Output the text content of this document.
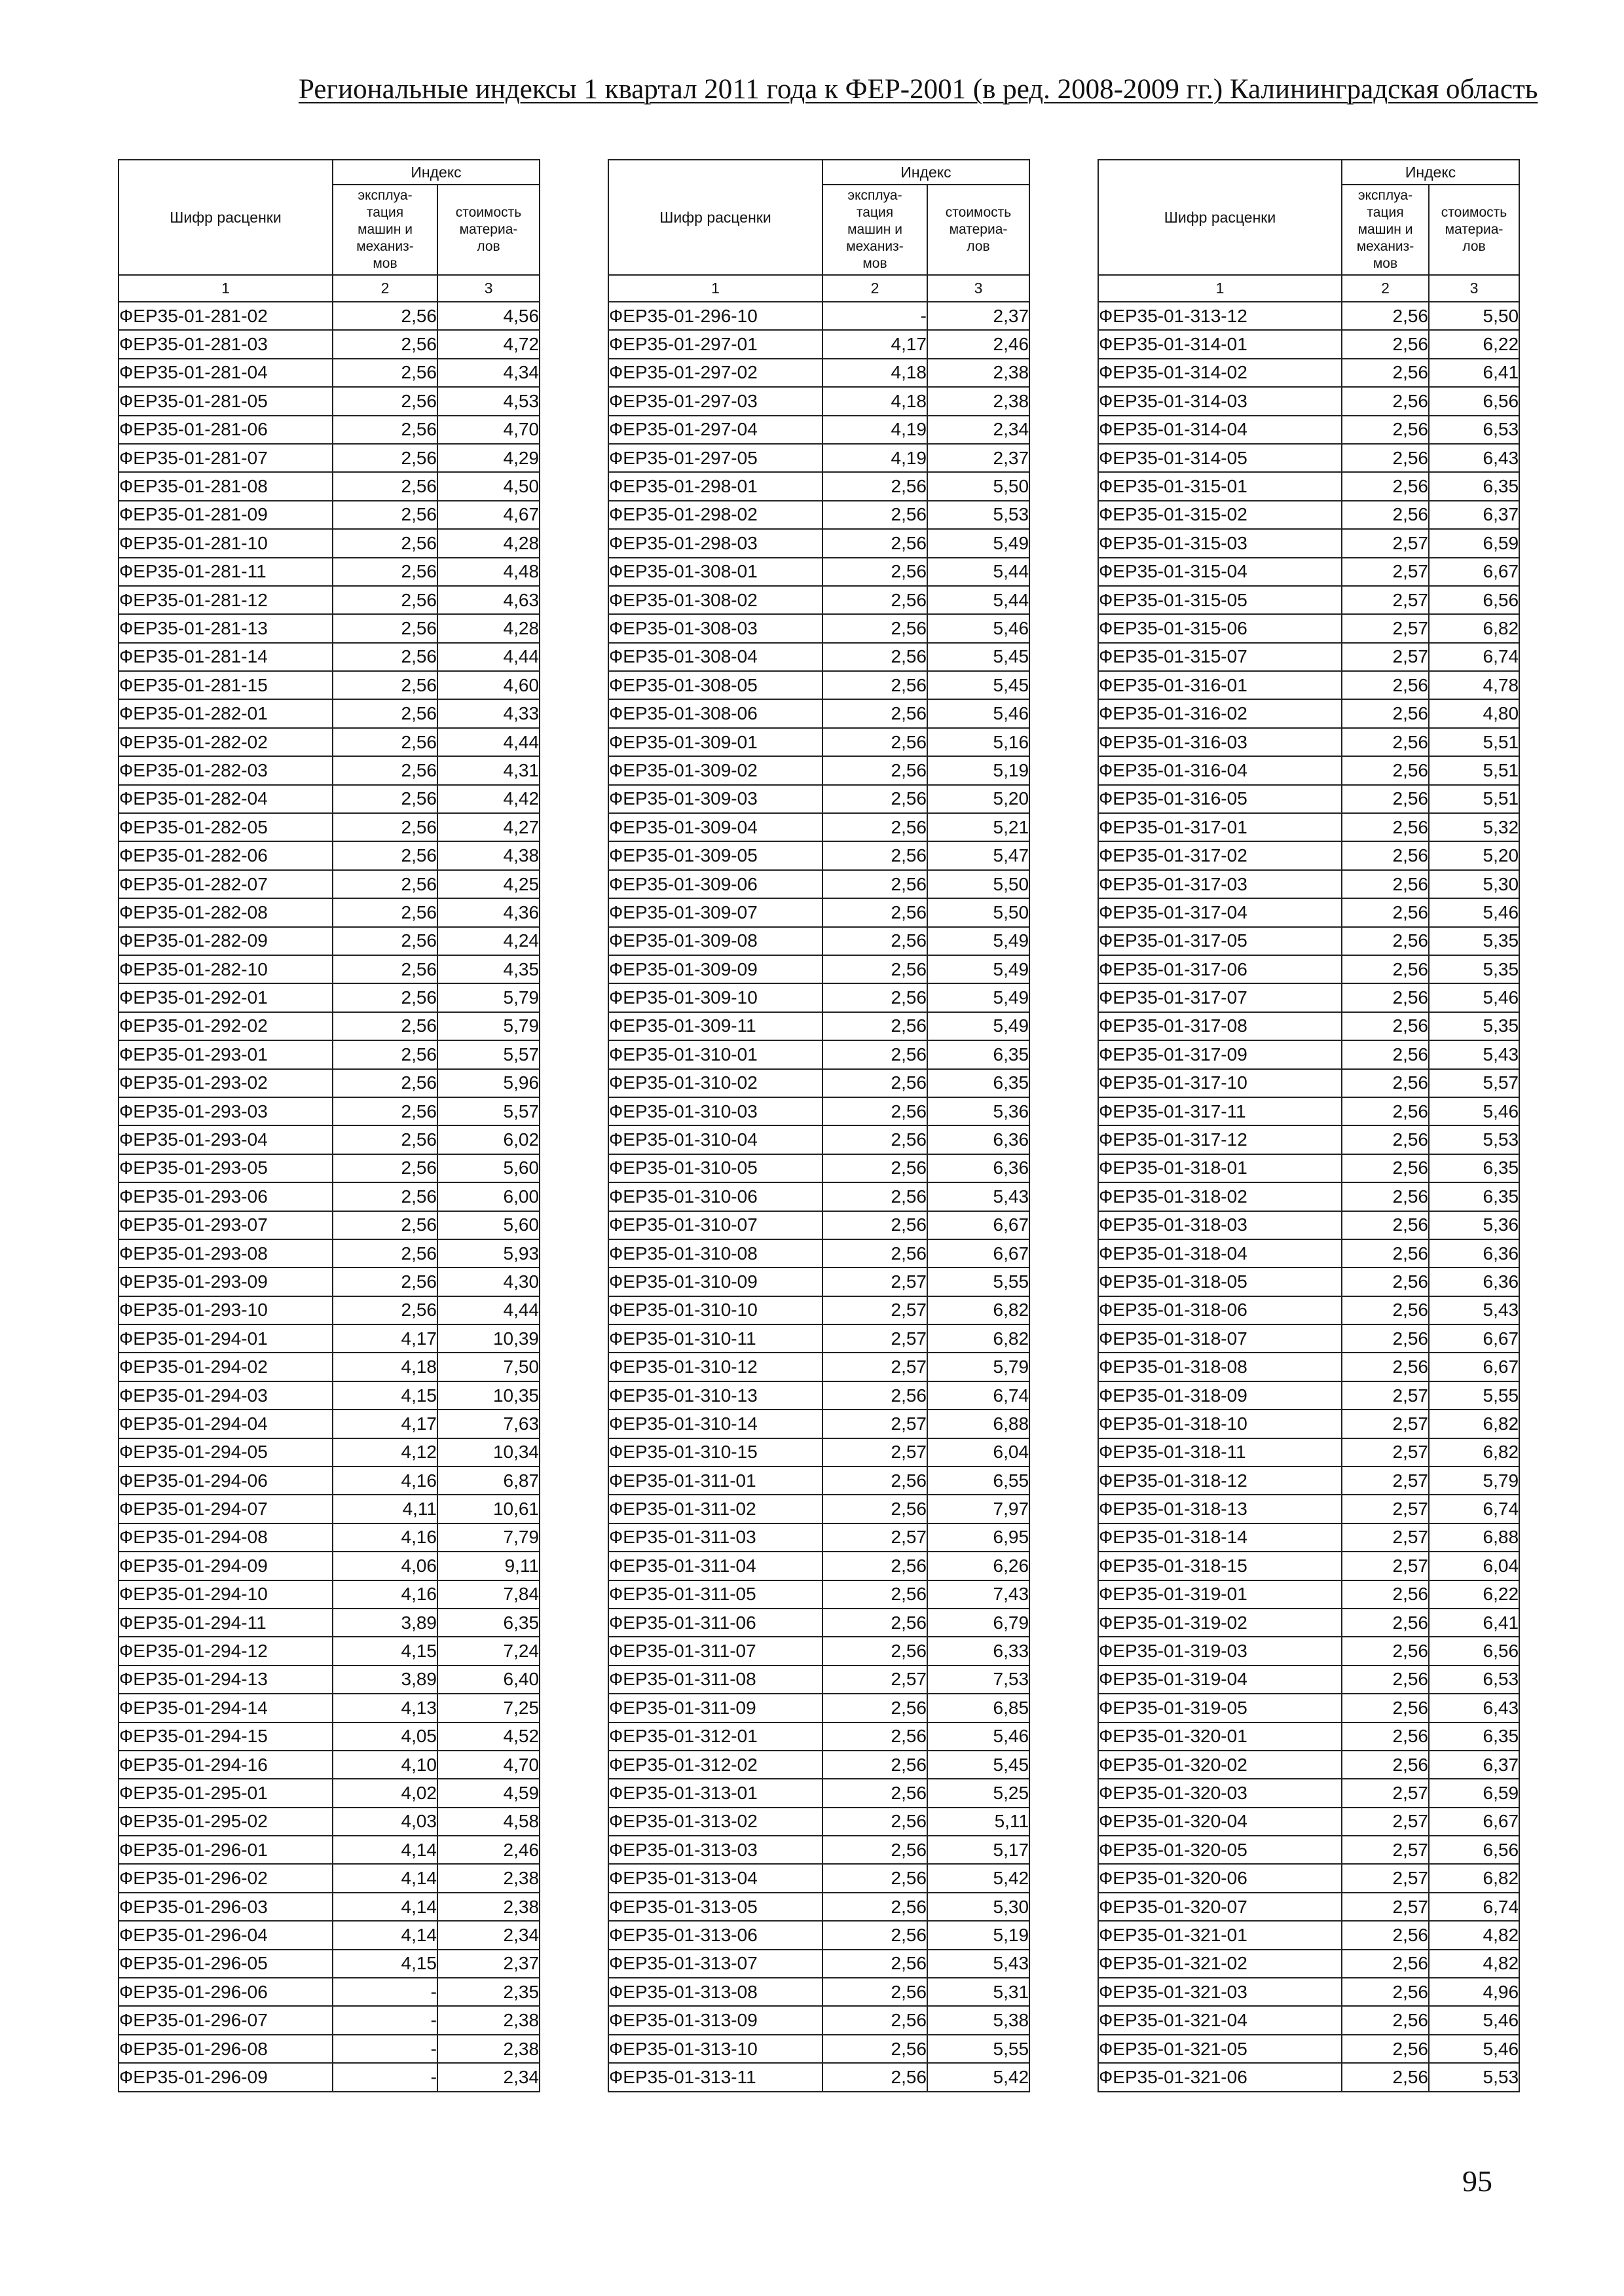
Региональные индексы 1 квартал 2011 года к ФЕР-2001 (в ред. 2008-2009 гг.) Калининградская область
Шифр расценки	Индекс	
	эксплуа-
тация
машин и
механиз-
мов	стоимость
материа-
лов
1	2	3
ФЕР35-01-281-02	2,56	4,56
ФЕР35-01-281-03	2,56	4,72
ФЕР35-01-281-04	2,56	4,34
ФЕР35-01-281-05	2,56	4,53
ФЕР35-01-281-06	2,56	4,70
ФЕР35-01-281-07	2,56	4,29
ФЕР35-01-281-08	2,56	4,50
ФЕР35-01-281-09	2,56	4,67
ФЕР35-01-281-10	2,56	4,28
ФЕР35-01-281-11	2,56	4,48
ФЕР35-01-281-12	2,56	4,63
ФЕР35-01-281-13	2,56	4,28
ФЕР35-01-281-14	2,56	4,44
ФЕР35-01-281-15	2,56	4,60
ФЕР35-01-282-01	2,56	4,33
ФЕР35-01-282-02	2,56	4,44
ФЕР35-01-282-03	2,56	4,31
ФЕР35-01-282-04	2,56	4,42
ФЕР35-01-282-05	2,56	4,27
ФЕР35-01-282-06	2,56	4,38
ФЕР35-01-282-07	2,56	4,25
ФЕР35-01-282-08	2,56	4,36
ФЕР35-01-282-09	2,56	4,24
ФЕР35-01-282-10	2,56	4,35
ФЕР35-01-292-01	2,56	5,79
ФЕР35-01-292-02	2,56	5,79
ФЕР35-01-293-01	2,56	5,57
ФЕР35-01-293-02	2,56	5,96
ФЕР35-01-293-03	2,56	5,57
ФЕР35-01-293-04	2,56	6,02
ФЕР35-01-293-05	2,56	5,60
ФЕР35-01-293-06	2,56	6,00
ФЕР35-01-293-07	2,56	5,60
ФЕР35-01-293-08	2,56	5,93
ФЕР35-01-293-09	2,56	4,30
ФЕР35-01-293-10	2,56	4,44
ФЕР35-01-294-01	4,17	10,39
ФЕР35-01-294-02	4,18	7,50
ФЕР35-01-294-03	4,15	10,35
ФЕР35-01-294-04	4,17	7,63
ФЕР35-01-294-05	4,12	10,34
ФЕР35-01-294-06	4,16	6,87
ФЕР35-01-294-07	4,11	10,61
ФЕР35-01-294-08	4,16	7,79
ФЕР35-01-294-09	4,06	9,11
ФЕР35-01-294-10	4,16	7,84
ФЕР35-01-294-11	3,89	6,35
ФЕР35-01-294-12	4,15	7,24
ФЕР35-01-294-13	3,89	6,40
ФЕР35-01-294-14	4,13	7,25
ФЕР35-01-294-15	4,05	4,52
ФЕР35-01-294-16	4,10	4,70
ФЕР35-01-295-01	4,02	4,59
ФЕР35-01-295-02	4,03	4,58
ФЕР35-01-296-01	4,14	2,46
ФЕР35-01-296-02	4,14	2,38
ФЕР35-01-296-03	4,14	2,38
ФЕР35-01-296-04	4,14	2,34
ФЕР35-01-296-05	4,15	2,37
ФЕР35-01-296-06	-	2,35
ФЕР35-01-296-07	-	2,38
ФЕР35-01-296-08	-	2,38
ФЕР35-01-296-09	-	2,34
Шифр расценки	Индекс	
	эксплуа-
тация
машин и
механиз-
мов	стоимость
материа-
лов
1	2	3
ФЕР35-01-296-10	-	2,37
ФЕР35-01-297-01	4,17	2,46
ФЕР35-01-297-02	4,18	2,38
ФЕР35-01-297-03	4,18	2,38
ФЕР35-01-297-04	4,19	2,34
ФЕР35-01-297-05	4,19	2,37
ФЕР35-01-298-01	2,56	5,50
ФЕР35-01-298-02	2,56	5,53
ФЕР35-01-298-03	2,56	5,49
ФЕР35-01-308-01	2,56	5,44
ФЕР35-01-308-02	2,56	5,44
ФЕР35-01-308-03	2,56	5,46
ФЕР35-01-308-04	2,56	5,45
ФЕР35-01-308-05	2,56	5,45
ФЕР35-01-308-06	2,56	5,46
ФЕР35-01-309-01	2,56	5,16
ФЕР35-01-309-02	2,56	5,19
ФЕР35-01-309-03	2,56	5,20
ФЕР35-01-309-04	2,56	5,21
ФЕР35-01-309-05	2,56	5,47
ФЕР35-01-309-06	2,56	5,50
ФЕР35-01-309-07	2,56	5,50
ФЕР35-01-309-08	2,56	5,49
ФЕР35-01-309-09	2,56	5,49
ФЕР35-01-309-10	2,56	5,49
ФЕР35-01-309-11	2,56	5,49
ФЕР35-01-310-01	2,56	6,35
ФЕР35-01-310-02	2,56	6,35
ФЕР35-01-310-03	2,56	5,36
ФЕР35-01-310-04	2,56	6,36
ФЕР35-01-310-05	2,56	6,36
ФЕР35-01-310-06	2,56	5,43
ФЕР35-01-310-07	2,56	6,67
ФЕР35-01-310-08	2,56	6,67
ФЕР35-01-310-09	2,57	5,55
ФЕР35-01-310-10	2,57	6,82
ФЕР35-01-310-11	2,57	6,82
ФЕР35-01-310-12	2,57	5,79
ФЕР35-01-310-13	2,56	6,74
ФЕР35-01-310-14	2,57	6,88
ФЕР35-01-310-15	2,57	6,04
ФЕР35-01-311-01	2,56	6,55
ФЕР35-01-311-02	2,56	7,97
ФЕР35-01-311-03	2,57	6,95
ФЕР35-01-311-04	2,56	6,26
ФЕР35-01-311-05	2,56	7,43
ФЕР35-01-311-06	2,56	6,79
ФЕР35-01-311-07	2,56	6,33
ФЕР35-01-311-08	2,57	7,53
ФЕР35-01-311-09	2,56	6,85
ФЕР35-01-312-01	2,56	5,46
ФЕР35-01-312-02	2,56	5,45
ФЕР35-01-313-01	2,56	5,25
ФЕР35-01-313-02	2,56	5,11
ФЕР35-01-313-03	2,56	5,17
ФЕР35-01-313-04	2,56	5,42
ФЕР35-01-313-05	2,56	5,30
ФЕР35-01-313-06	2,56	5,19
ФЕР35-01-313-07	2,56	5,43
ФЕР35-01-313-08	2,56	5,31
ФЕР35-01-313-09	2,56	5,38
ФЕР35-01-313-10	2,56	5,55
ФЕР35-01-313-11	2,56	5,42
Шифр расценки	Индекс	
	эксплуа-
тация
машин и
механиз-
мов	стоимость
материа-
лов
1	2	3
ФЕР35-01-313-12	2,56	5,50
ФЕР35-01-314-01	2,56	6,22
ФЕР35-01-314-02	2,56	6,41
ФЕР35-01-314-03	2,56	6,56
ФЕР35-01-314-04	2,56	6,53
ФЕР35-01-314-05	2,56	6,43
ФЕР35-01-315-01	2,56	6,35
ФЕР35-01-315-02	2,56	6,37
ФЕР35-01-315-03	2,57	6,59
ФЕР35-01-315-04	2,57	6,67
ФЕР35-01-315-05	2,57	6,56
ФЕР35-01-315-06	2,57	6,82
ФЕР35-01-315-07	2,57	6,74
ФЕР35-01-316-01	2,56	4,78
ФЕР35-01-316-02	2,56	4,80
ФЕР35-01-316-03	2,56	5,51
ФЕР35-01-316-04	2,56	5,51
ФЕР35-01-316-05	2,56	5,51
ФЕР35-01-317-01	2,56	5,32
ФЕР35-01-317-02	2,56	5,20
ФЕР35-01-317-03	2,56	5,30
ФЕР35-01-317-04	2,56	5,46
ФЕР35-01-317-05	2,56	5,35
ФЕР35-01-317-06	2,56	5,35
ФЕР35-01-317-07	2,56	5,46
ФЕР35-01-317-08	2,56	5,35
ФЕР35-01-317-09	2,56	5,43
ФЕР35-01-317-10	2,56	5,57
ФЕР35-01-317-11	2,56	5,46
ФЕР35-01-317-12	2,56	5,53
ФЕР35-01-318-01	2,56	6,35
ФЕР35-01-318-02	2,56	6,35
ФЕР35-01-318-03	2,56	5,36
ФЕР35-01-318-04	2,56	6,36
ФЕР35-01-318-05	2,56	6,36
ФЕР35-01-318-06	2,56	5,43
ФЕР35-01-318-07	2,56	6,67
ФЕР35-01-318-08	2,56	6,67
ФЕР35-01-318-09	2,57	5,55
ФЕР35-01-318-10	2,57	6,82
ФЕР35-01-318-11	2,57	6,82
ФЕР35-01-318-12	2,57	5,79
ФЕР35-01-318-13	2,57	6,74
ФЕР35-01-318-14	2,57	6,88
ФЕР35-01-318-15	2,57	6,04
ФЕР35-01-319-01	2,56	6,22
ФЕР35-01-319-02	2,56	6,41
ФЕР35-01-319-03	2,56	6,56
ФЕР35-01-319-04	2,56	6,53
ФЕР35-01-319-05	2,56	6,43
ФЕР35-01-320-01	2,56	6,35
ФЕР35-01-320-02	2,56	6,37
ФЕР35-01-320-03	2,57	6,59
ФЕР35-01-320-04	2,57	6,67
ФЕР35-01-320-05	2,57	6,56
ФЕР35-01-320-06	2,57	6,82
ФЕР35-01-320-07	2,57	6,74
ФЕР35-01-321-01	2,56	4,82
ФЕР35-01-321-02	2,56	4,82
ФЕР35-01-321-03	2,56	4,96
ФЕР35-01-321-04	2,56	5,46
ФЕР35-01-321-05	2,56	5,46
ФЕР35-01-321-06	2,56	5,53
95
